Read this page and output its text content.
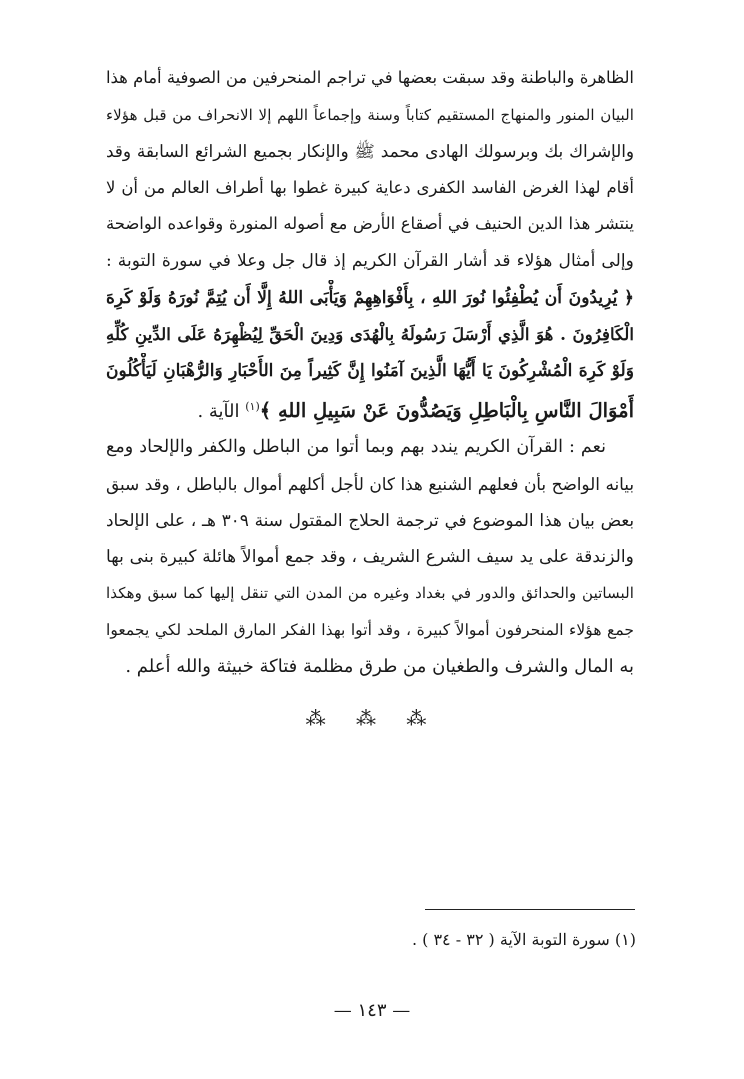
الظاهرة والباطنة وقد سبقت بعضها في تراجم المنحرفين من الصوفية أمام هذا
البيان المنور والمنهاج المستقيم كتاباً وسنة وإجماعاً اللهم إلا الانحراف من قبل هؤلاء
والإشراك بك وبرسولك الهادى محمد ﷺ والإنكار بجميع الشرائع السابقة وقد
أقام لهذا الغرض الفاسد الكفرى دعاية كبيرة غطوا بها أطراف العالم من أن لا
ينتشر هذا الدين الحنيف في أصقاع الأرض مع أصوله المنورة وقواعده الواضحة
وإلى أمثال هؤلاء قد أشار القرآن الكريم إذ قال جل وعلا في سورة التوبة :
﴿ يُرِيدُونَ أَن يُطْفِئُوا نُورَ اللهِ ، بِأَفْوَاهِهِمْ وَيَأْبَى اللهُ إِلَّا أَن يُتِمَّ نُورَهُ وَلَوْ كَرِهَ
الْكَافِرُونَ . هُوَ الَّذِي أَرْسَلَ رَسُولَهُ بِالْهُدَى وَدِينَ الْحَقِّ لِيُظْهِرَهُ عَلَى الدِّينِ كُلِّهِ
وَلَوْ كَرِهَ الْمُشْرِكُونَ يَا أَيُّهَا الَّذِينَ آمَنُوا إِنَّ كَثِيراً مِنَ الأَحْبَارِ وَالرُّهْبَانِ لَيَأْكُلُونَ
أَمْوَالَ النَّاسِ بِالْبَاطِلِ وَيَصُدُّونَ عَنْ سَبِيلِ اللهِ ﴾$^{(١)}$ الآية .
نعم : القرآن الكريم يندد بهم وبما أتوا من الباطل والكفر والإلحاد ومع
بيانه الواضح بأن فعلهم الشنيع هذا كان لأجل أكلهم أموال بالباطل ، وقد سبق
بعض بيان هذا الموضوع في ترجمة الحلاج المقتول سنة ٣٠٩ هـ ، على الإلحاد
والزندقة على يد سيف الشرع الشريف ، وقد جمع أموالاً هائلة كبيرة بنى بها
البساتين والحدائق والدور في بغداد وغيره من المدن التي تنقل إليها كما سبق وهكذا
جمع هؤلاء المنحرفون أموالاً كبيرة ، وقد أتوا بهذا الفكر المارق الملحد لكي يجمعوا
به المال والشرف والطغيان من طرق مظلمة فتاكة خبيثة والله أعلم .
⁂ ⁂ ⁂
(١) سورة التوبة الآية ( ٣٢ - ٣٤ ) .
— ١٤٣ —
